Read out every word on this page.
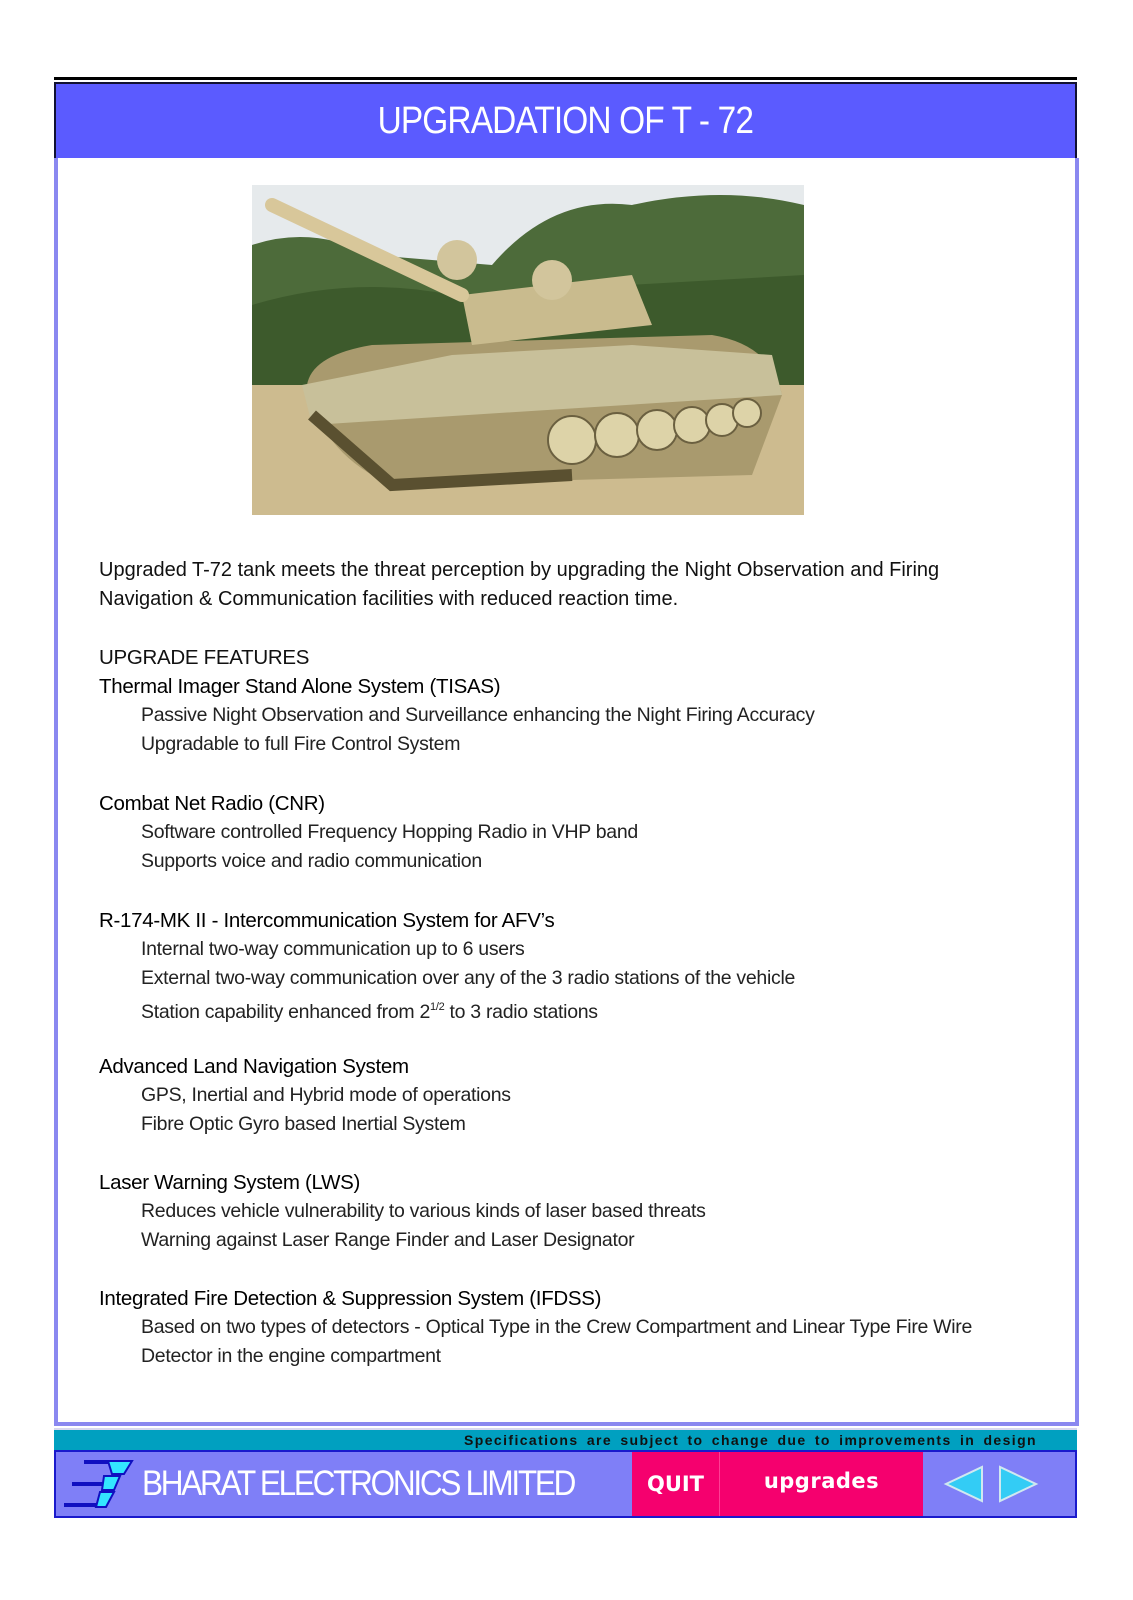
UPGRADATION OF T - 72
Upgraded T-72 tank meets the threat perception by upgrading the Night Observation and Firing Navigation & Communication facilities with reduced reaction time.
UPGRADE FEATURES
Thermal Imager Stand Alone System (TISAS)
Passive Night Observation and Surveillance enhancing the Night Firing Accuracy
Upgradable to full Fire Control System
Combat Net Radio (CNR)
Software controlled Frequency Hopping Radio in VHP band
Supports voice and radio communication
R-174-MK II - Intercommunication System for AFV’s
Internal two-way communication up to 6 users
External two-way communication over any of the 3 radio stations of the vehicle
Station capability enhanced from $2^{1/2}$ to 3 radio stations
Advanced Land Navigation System
GPS, Inertial and Hybrid mode of operations
Fibre Optic Gyro based Inertial System
Laser Warning System (LWS)
Reduces vehicle vulnerability to various kinds of laser based threats
Warning against Laser Range Finder and Laser Designator
Integrated Fire Detection & Suppression System (IFDSS)
Based on two types of detectors - Optical Type in the Crew Compartment and Linear Type Fire Wire Detector in the engine compartment
Specifications are subject to change due to improvements in design
BHARAT ELECTRONICS LIMITED	QUIT	upgrades
